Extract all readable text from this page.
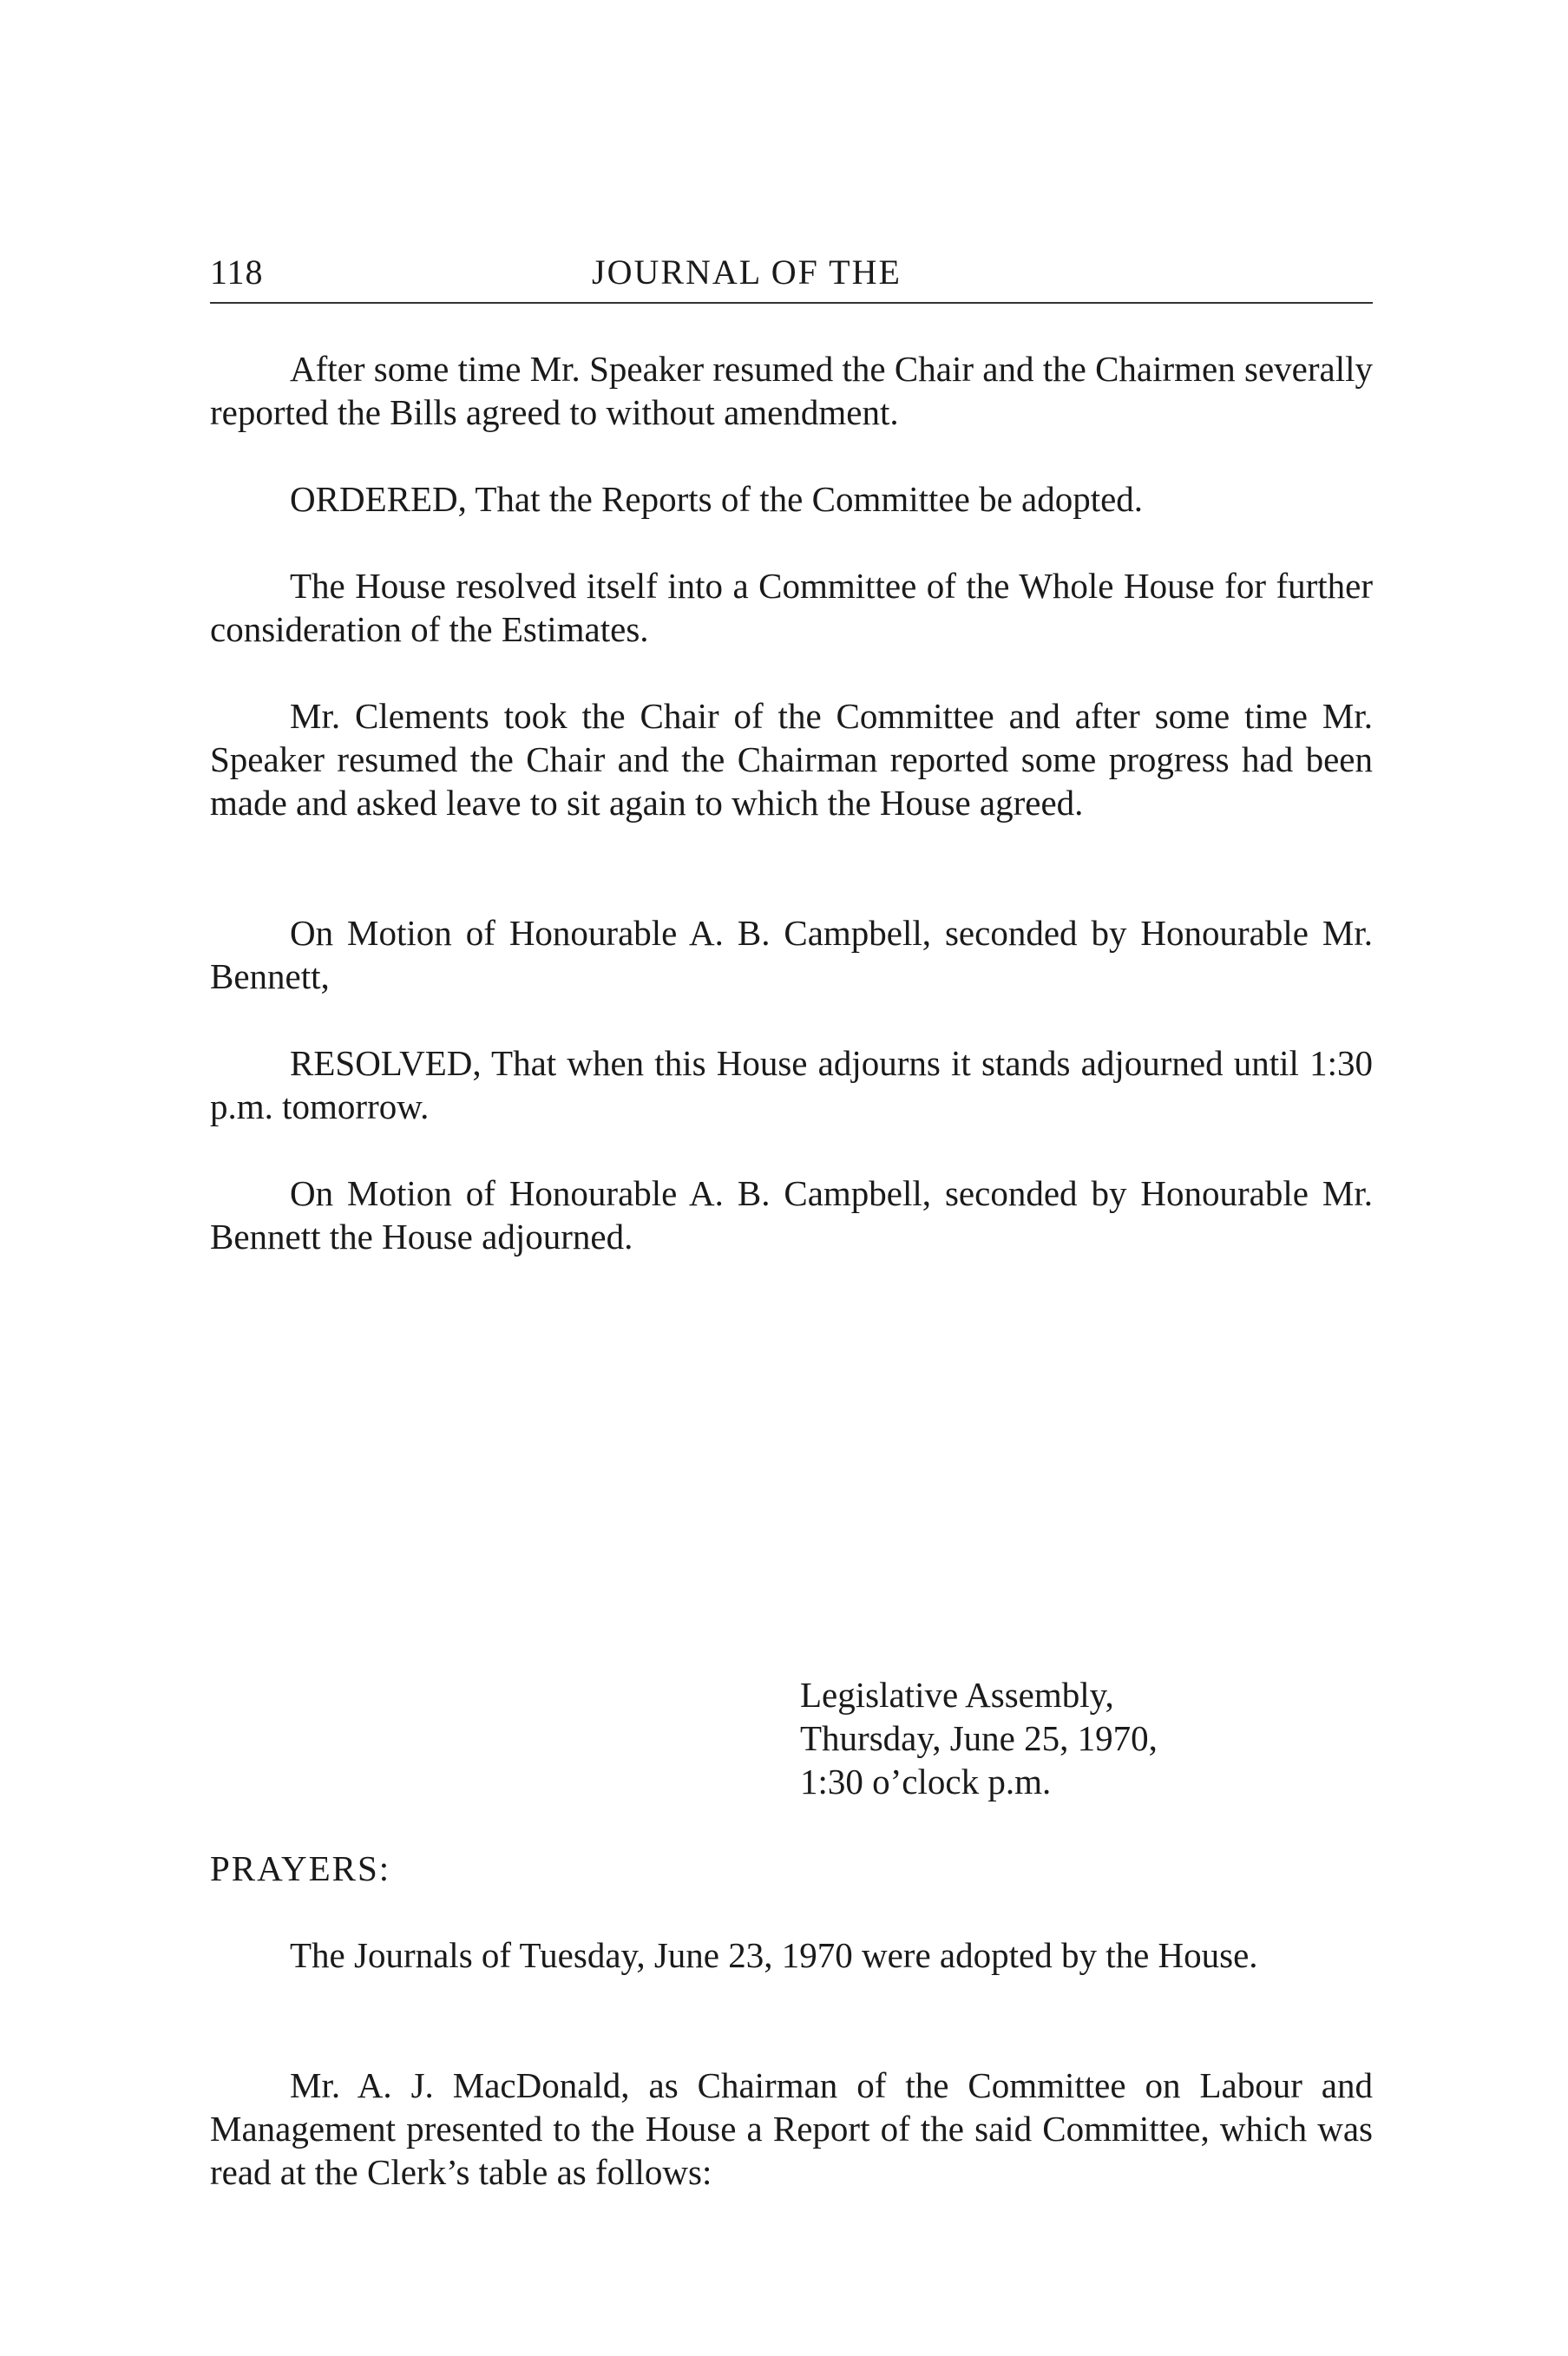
118	JOURNAL OF THE

After some time Mr. Speaker resumed the Chair and the Chairmen severally reported the Bills agreed to without amendment.

ORDERED, That the Reports of the Committee be adopted.

The House resolved itself into a Committee of the Whole House for further consideration of the Estimates.

Mr. Clements took the Chair of the Committee and after some time Mr. Speaker resumed the Chair and the Chairman reported some progress had been made and asked leave to sit again to which the House agreed.

On Motion of Honourable A. B. Campbell, seconded by Honourable Mr. Bennett,

RESOLVED, That when this House adjourns it stands adjourned until 1:30 p.m. tomorrow.

On Motion of Honourable A. B. Campbell, seconded by Honourable Mr. Bennett the House adjourned.

Legislative Assembly,
Thursday, June 25, 1970,
1:30 o’clock p.m.
PRAYERS:

The Journals of Tuesday, June 23, 1970 were adopted by the House.

Mr. A. J. MacDonald, as Chairman of the Committee on Labour and Management presented to the House a Report of the said Committee, which was read at the Clerk’s table as follows:
